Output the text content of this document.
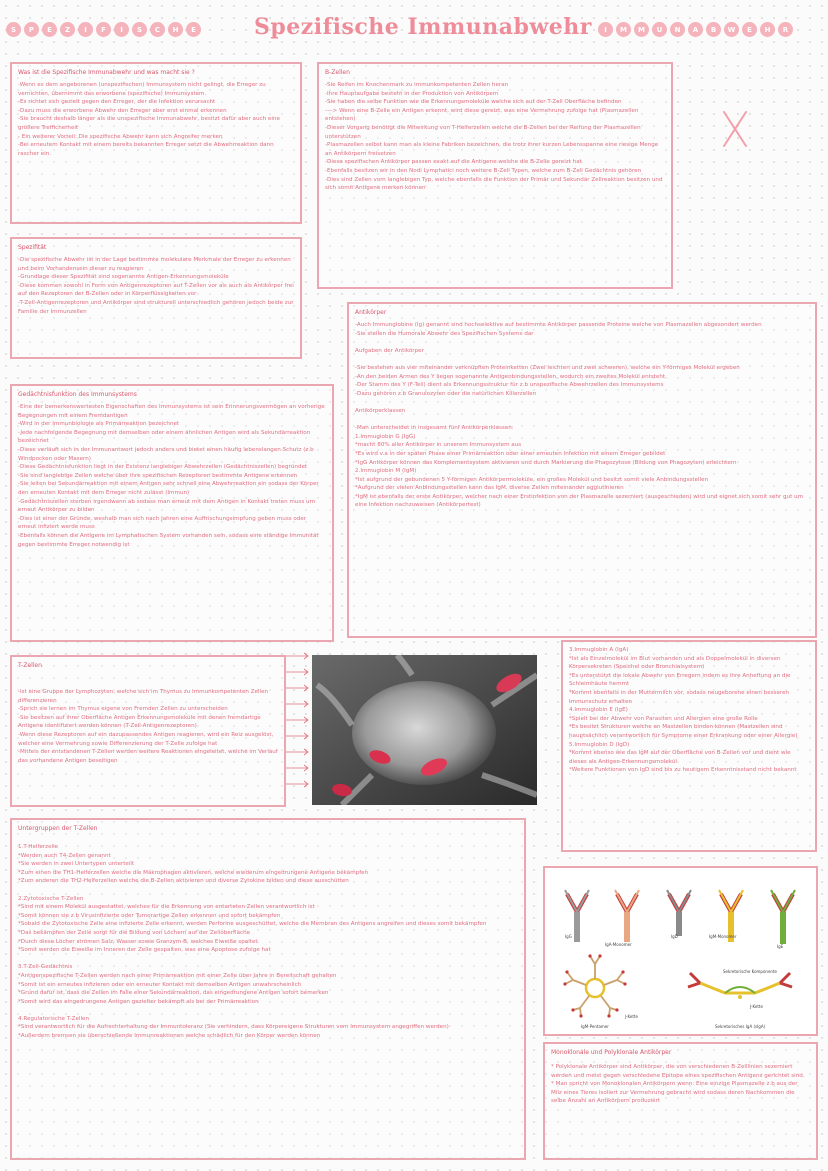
S	P	E	Z	I	F	I	S	C	H	E	Spezifische Immunabwehr	I	M	M	U	N	A	B	W	E	H	R
Was ist die Spezifische Immunabwehr und was macht sie ?
-Wenn es dem angeborenen (unspezifischen) Immunsystem nicht gelingt, die Erreger zu vernichten, übernimmt das erworbene (spezifische) Immunsystem.
-Es richtet sich gezielt gegen den Erreger, der die Infektion verursacht
-Dazu muss die erworbene Abwehr den Erreger aber erst einmal erkennen
-Sie braucht deshalb länger als die unspezifische Immunabwehr, besitzt dafür aber auch eine größere Trefficherheit
- Ein weiterer Vorteil: Die spezifische Abwehr kann sich Angreifer merken
-Bei erneutem Kontakt mit einem bereits bekannten Erreger setzt die Abwehrreaktion dann rascher ein.
B-Zellen
-Sie Reifen im Knochenmark zu immunkompetenten Zellen heran
-Ihre Hauptaufgabe besteht in der Produktion von Antikörpern
-Sie haben die selbe Funktion wie die Erkennungsmoleküle welche sich auf der T-Zell Oberfläche befinden
-—> Wenn eine B-Zelle ein Antigen erkennt, wird diese gereizt, was eine Vermehrung zufolge hat (Plasmazellen entstehen)
-Dieser Vorgang benötigt die Mitwirkung von T-Helferzellen welche die B-Zellen bei der Reifung der Plasmazellen unterstützen
-Plasmazellen selbst kann man als kleine Fabriken bezeichnen, die trotz ihrer kurzen Lebensspanne eine riesige Menge an Antikörpern freisetzen
-Diese spezifischen Antikörper passen exakt auf die Antigene welche die B-Zelle gereizt hat
-Ebenfalls besitzen wir in den Nodi Lymphatici noch weitere B-Zell Typen, welche zum B-Zell Gedächtnis gehören
-Dies sind Zellen vom langlebigen Typ, welche ebenfalls die Funktion der Primär und Sekundär Zellreaktion besitzen und sich somit Antigene merken können
Spezifität
-Die spezifische Abwehr ist in der Lage bestimmte molekulare Merkmale der Erreger zu erkennen und beim Vorhandensein dieser zu reagieren
-Grundlage dieser Spezifität sind sogenannte Antigen-Erkennungsmoleküle
-Diese kommen sowohl in Form von Antigenrezeptoren auf T-Zellen vor als auch als Antikörper frei auf den Rezeptoren der B-Zellen oder in Körperflüssigkeiten vor
-T-Zell-Antigenrezeptoren und Antikörper sind strukturell unterschiedlich gehören jedoch beide zur Familie der Immunzellen	Antikörper
-Auch Immunglobine (Ig) genannt sind hochselektive auf bestimmte Antikörper passende Proteine welche von Plasmazellen abgesondert werden
-Sie stellen die Humorale Abwehr des Spezifischen Systems dar

Aufgaben der Antikörper

-Sie bestehen aus vier miteinander verknüpften Proteinketten (Zwei leichten und zwei schweren), welche ein Y-förmiges Molekül ergeben
-An den beiden Armen des Y liegen sogenannte Antigenbindungsstellen, wodurch ein zweites Molekül entsteht
-Der Stamm des Y (F-Teil) dient als Erkennungsstruktur für z.b unspezifische Abwehrzellen des Immunsystems
-Dazu gehören z.b Granulozyten oder die natürlichen Killerzellen

Antikörperklassen

-Man unterscheidet in insgesamt fünf Antikörperklassen:
1.Immuglobin G (IgG)
*macht 80% aller Antikörper in unserem Immunsystem aus
*Es wird v.a in der späten Phase einer Primärreaktion oder einer erneuten Infektion mit einem Erreger gebildet
*IgG Antikörper können das Komplementsystem aktivieren und durch Markierung die Phagozytose (Bildung von Phagozyten) erleichtern
2.Immuglobin M (IgM)
*Ist aufgrund der gebundenen 5 Y-förmigen Antikörpermoleküle, ein großes Molekül und besitzt somit viele Anbindungsstellen
*Aufgrund der vielen Anbindungsstellen kann das IgM, diverse Zellen miteinander agglutinieren
*IgM ist ebenfalls der erste Antikörper, welcher nach einer Erstinfektion von der Plasmazelle sezerniert (ausgeschieden) wird und eignet sich somit sehr gut um eine Infektion nachzuweisen (Antikörpertest)
Gedächtnisfunktion des Immunsystems
-Eine der bemerkenswertesten Eigenschaften des Immunsystems ist sein Erinnerungsvermögen an vorherige Begegnungen mit einem Fremdantigen
-Wird in der Immunbiologie als Primärreaktion bezeichnet
-Jede nachfolgende Begegnung mit demselben oder einem ähnlichen Antigen wird als Sekundärreaktion bezeichnet
-Diese verläuft sich in der Immunantwort jedoch anders und bietet einen häufig lebenslangen Schutz (z.b Windpocken oder Masern)
-Diese Gedächtnisfunktion liegt in der Existenz langlebiger Abwehrzellen (Gedächtniszellen) begründet
-Sie sind langlebige Zellen welche über ihre spezifischen Rezeptoren bestimmte Antigene erkennen
-Sie leiten bei Sekundärreaktion mit einem Antigen sehr schnell eine Abwehrreaktion ein sodass der Körper den erneuten Kontakt mit dem Erreger nicht zulässt (Immun)
-Gedächtniszellen sterben irgendwann ab sodass man erneut mit dem Antigen in Kontakt treten muss um erneut Antikörper zu bilden
-Dies ist einer der Gründe, weshalb man sich nach Jahren eine Auffrischungsimpfung geben muss oder erneut infiziert werde muss
-Ebenfalls können die Antigene im Lymphatischen System vorhanden sein, sodass eine ständige Immunität gegen bestimmte Erreger notwendig ist
3.Immuglobin A (IgA)
*Ist als Einzelmolekül im Blut vorhanden und als Doppelmolekül in diversen Körpersekreten (Speichel oder Bronchialsystem)
*Es unterstützt die lokale Abwehr von Erregern indem es ihre Anheftung an die Schleimhäute hemmt
*Kommt ebenfalls in der Muttermilch vor, sodass neugeborene einen besseren Immunschutz erhalten
4.Immuglobin E (IgE)
*Spielt bei der Abwehr von Parasiten und Allergien eine große Rolle
*Es besitzt Strukturen welche an Mastzellen binden können (Mastzellen sind hauptsächlich verantwortlich für Symptome einer Erkrankung oder einer Allergie)
5.Immuglobin D (IgD)
*Kommt ebenso wie das IgM auf der Oberfläche von B-Zellen vor und dient wie dieses als Antigen-Erkennungsmolekül
*Weitere Funktionen von IgD sind bis zu heutigem Erkenntnisstand nicht bekannt
T-Zellen
-Ist eine Gruppe der Lymphozyten, welche sich im Thymus zu Immunkompetenten Zellen differenzieren
-Sprich sie lernen im Thymus eigene von Fremden Zellen zu unterscheiden
-Sie besitzen auf ihrer Oberfläche Antigen Erkennungsmoleküle mit denen fremdartige Antigene identifiziert werden können (T-Zell-Antigenrezeptoren)
-Wenn diese Rezeptoren auf ein dazupassendes Antigen reagieren, wird ein Reiz ausgelöst, welcher eine Vermehrung sowie Differenzierung der T-Zelle zufolge hat
-Mittels der entstandenen T-Zellen werden weitere Reaktionen eingeleitet, welche im Verlauf das vorhandene Antigen beseitigen
Untergruppen der T-Zellen
1.T-Helferzelle
*Werden auch T4-Zellen genannt
*Sie werden in zwei Untertypen unterteilt
*Zum einen die TH1-Helferzellen welche die Makrophagen aktivieren, welche wiederum eingedrungene Antigene bekämpfen
*Zum anderen die TH2-Helferzellen welche die B-Zellen aktivieren und diverse Zytokine bilden und diese ausschütten

2.Zytotoxische T-Zellen
*Sind mit einem Molekül ausgestattet, welches für die Erkennung von entarteten Zellen verantwortlich ist
*Somit können sie z.b Virusinfizierte oder Tumorartige Zellen erkennen und sofort bekämpfen
*Sobald die Zytotoxische Zelle eine infizierte Zelle erkennt, werden Perforine ausgeschüttet, welche die Membran des Antigens angreifen und dieses somit bekämpfen
*Das bekämpfen der Zelle sorgt für die Bildung von Löchern auf der Zelloberfläche
*Durch diese Löcher strömen Salz, Wasser sowie Granzym-B, welches Eiweiße spaltet
*Somit werden die Eiweiße im Inneren der Zelle gespalten, was eine Apoptose zufolge hat

3.T-Zell-Gedächtnis
*Antigenspezifische T-Zellen werden nach einer Primärreaktion mit einer Zelle über Jahre in Bereitschaft gehalten
*Somit ist ein erneutes infizieren oder ein erneuter Kontakt mit demselben Antigen unwahrscheinlich
*Grund dafür ist, dass die Zellen im Falle einer Sekundärreaktion, das eingedrungene Antigen sofort bemerken
*Somit wird das eingedrungene Antigen gezielter bekämpft als bei der Primärreaktion

4.Regulatorische T-Zellen
*Sind verantwortlich für die Aufrechterhaltung der Immuntoleranz (Sie verhindern, dass Körpereigene Strukturen vom Immunsystem angegriffen werden)
*Außerdem bremsen sie überschießende Immunreaktionen welche schädlich für den Körper werden können
IgG
IgA-Monomer
IgD	IgM-Monomer
IgE
IgM-Pentamer
J-Kette
Sekretorische Komponente
J-Kette
Sekretorisches IgA (sIgA)
Monoklonale und Polyklonale Antikörper
* Polyklonale Antikörper sind Antikörper, die von verschiedenen B-Zelllinien sezerniert werden und meist gegen verschiedene Epitope eines spezifischen Antigens gerichtet sind.
* Man spricht von Monoklonalen Antikörpern wenn: Eine einzige Plasmazelle z.b aus der Milz eines Tieres isoliert zur Vermehrung gebracht wird sodass deren Nachkommen die selbe Anzahl an Antikörpern produziert
